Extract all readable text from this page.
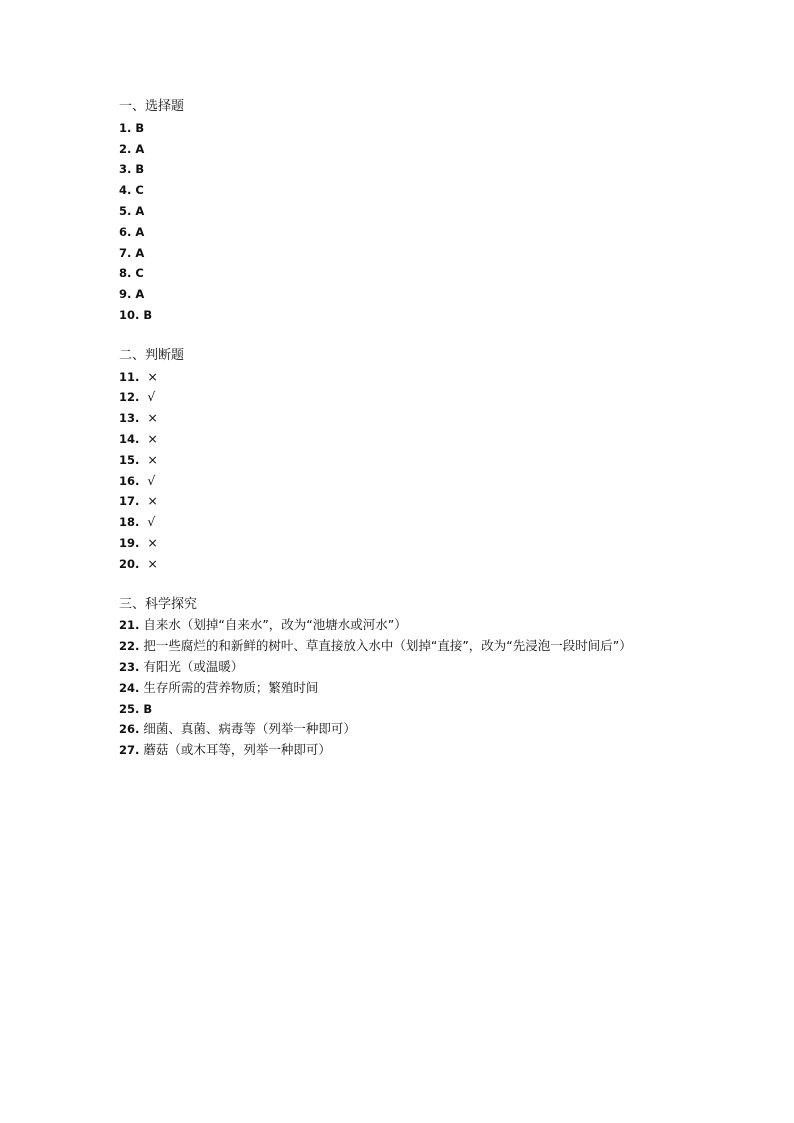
一、选择题
1. B
2. A
3. B
4. C
5. A
6. A
7. A
8. C
9. A
10. B
二、判断题
11. ×
12. √
13. ×
14. ×
15. ×
16. √
17. ×
18. √
19. ×
20. ×
三、科学探究
21. 自来水（划掉“自来水”，改为“池塘水或河水”）
22. 把一些腐烂的和新鲜的树叶、草直接放入水中（划掉“直接”，改为“先浸泡一段时间后”）
23. 有阳光（或温暖）
24. 生存所需的营养物质；繁殖时间
25. B
26. 细菌、真菌、病毒等（列举一种即可）
27. 蘑菇（或木耳等，列举一种即可）
